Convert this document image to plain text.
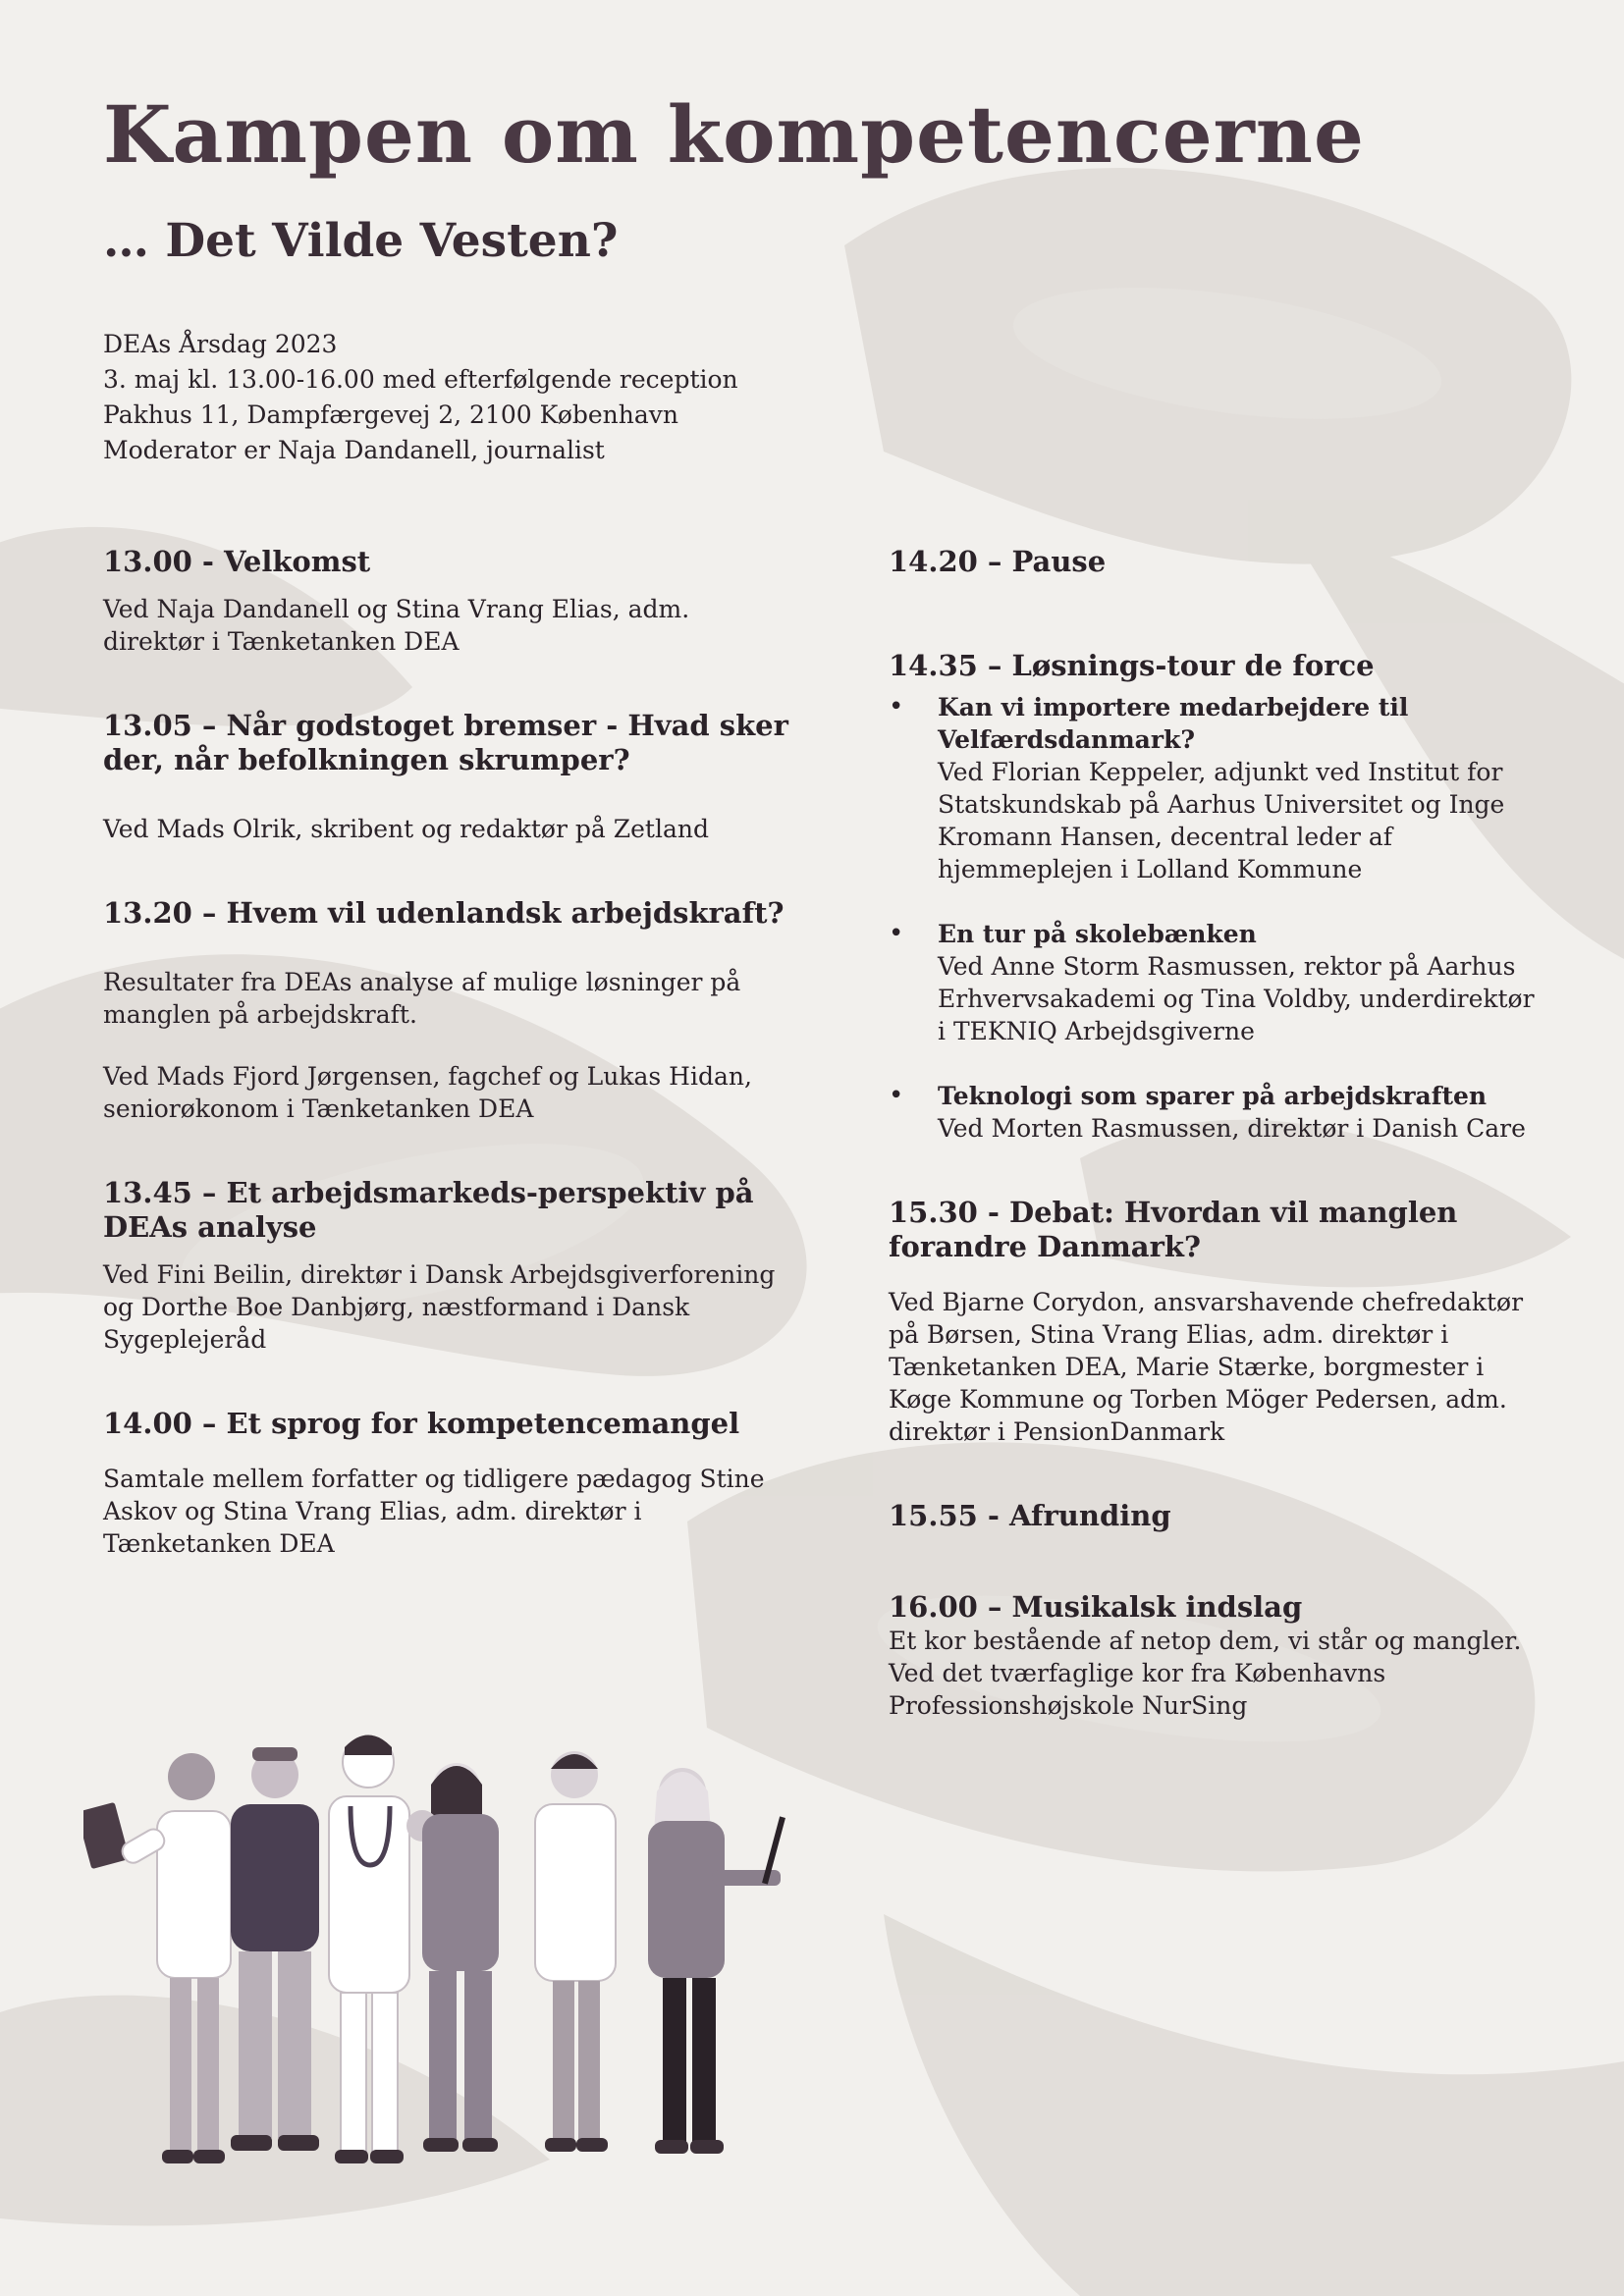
Kampen om kompetencerne
… Det Vilde Vesten?
DEAs Årsdag 2023
3. maj kl. 13.00-16.00 med efterfølgende reception
Pakhus 11, Dampfærgevej 2, 2100 København
Moderator er Naja Dandanell, journalist
13.00 - Velkomst

Ved Naja Dandanell og Stina Vrang Elias, adm. direktør i Tænketanken DEA

13.05 – Når godstoget bremser - Hvad sker der, når befolkningen skrumper?

Ved Mads Olrik, skribent og redaktør på Zetland

13.20 – Hvem vil udenlandsk arbejdskraft?

Resultater fra DEAs analyse af mulige løsninger på manglen på arbejdskraft.

Ved Mads Fjord Jørgensen, fagchef og Lukas Hidan, seniorøkonom i Tænketanken DEA

13.45 – Et arbejdsmarkeds-perspektiv på DEAs analyse

Ved Fini Beilin, direktør i Dansk Arbejdsgiverforening og Dorthe Boe Danbjørg, næstformand i Dansk Sygeplejeråd

14.00 – Et sprog for kompetencemangel

Samtale mellem forfatter og tidligere pædagog Stine Askov og Stina Vrang Elias, adm. direktør i Tænketanken DEA

14.20 – Pause
14.35 – Løsnings-tour de force
• Kan vi importere medarbejdere til Velfærdsdanmark?

Ved Florian Keppeler, adjunkt ved Institut for Statskundskab på Aarhus Universitet og Inge Kromann Hansen, decentral leder af hjemmeplejen i Lolland Kommune

• En tur på skolebænken

Ved Anne Storm Rasmussen, rektor på Aarhus Erhvervsakademi og Tina Voldby, underdirektør i TEKNIQ Arbejdsgiverne

• Teknologi som sparer på arbejdskraften

Ved Morten Rasmussen, direktør i Danish Care

15.30 - Debat: Hvordan vil manglen forandre Danmark?

Ved Bjarne Corydon, ansvarshavende chefredaktør på Børsen, Stina Vrang Elias, adm. direktør i Tænketanken DEA, Marie Stærke, borgmester i Køge Kommune og Torben Möger Pedersen, adm. direktør i PensionDanmark

15.55 - Afrunding
16.00 – Musikalsk indslag

Et kor bestående af netop dem, vi står og mangler.

Ved det tværfaglige kor fra Københavns Professionshøjskole NurSing
